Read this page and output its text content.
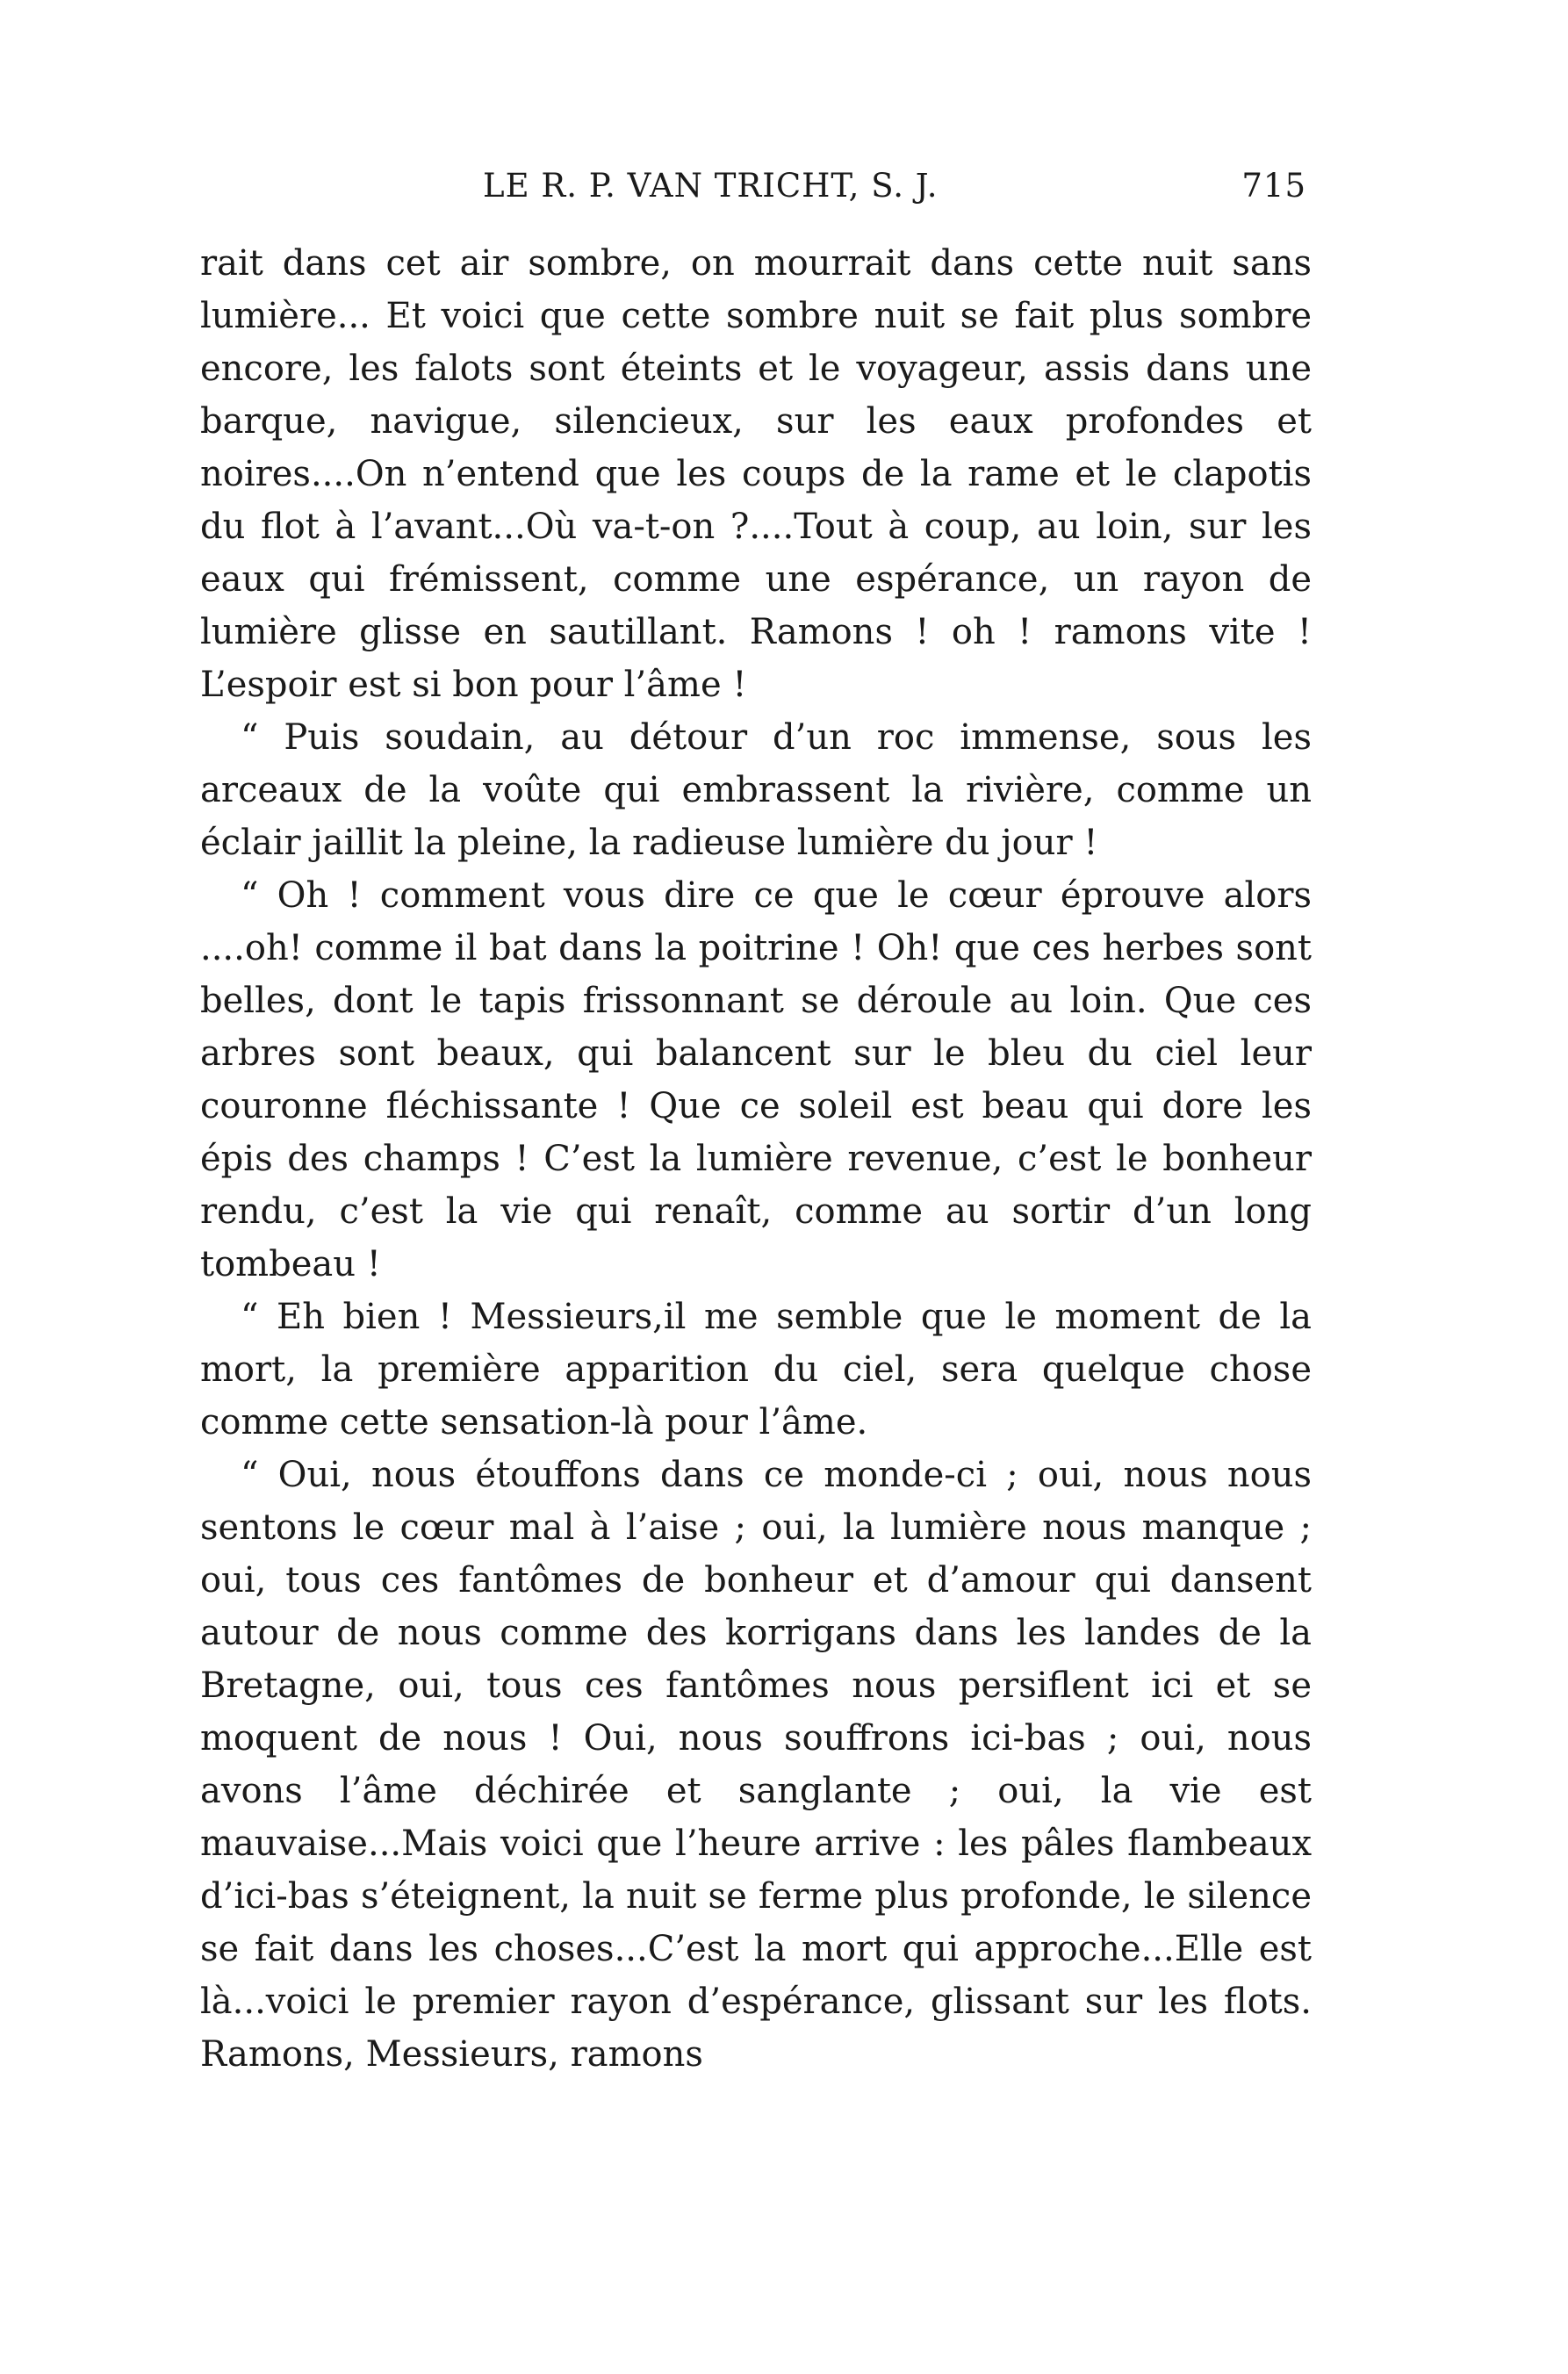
LE R. P. VAN TRICHT, S. J.	715

rait dans cet air sombre, on mourrait dans cette nuit sans lumière... Et voici que cette sombre nuit se fait plus sombre encore, les falots sont éteints et le voyageur, assis dans une barque, navigue, silencieux, sur les eaux profondes et noires....On n’entend que les coups de la rame et le clapotis du flot à l’avant...Où va-t-on ?....Tout à coup, au loin, sur les eaux qui frémissent, comme une espérance, un rayon de lumière glisse en sautillant. Ramons ! oh ! ramons vite ! L’espoir est si bon pour l’âme !

“ Puis soudain, au détour d’un roc immense, sous les arceaux de la voûte qui embrassent la rivière, comme un éclair jaillit la pleine, la radieuse lumière du jour !

“ Oh ! comment vous dire ce que le cœur éprouve alors ....oh! comme il bat dans la poitrine ! Oh! que ces herbes sont belles, dont le tapis frissonnant se déroule au loin. Que ces arbres sont beaux, qui balancent sur le bleu du ciel leur couronne fléchissante ! Que ce soleil est beau qui dore les épis des champs ! C’est la lumière revenue, c’est le bonheur rendu, c’est la vie qui renaît, comme au sortir d’un long tombeau !

“ Eh bien ! Messieurs,il me semble que le moment de la mort, la première apparition du ciel, sera quelque chose comme cette sensation-là pour l’âme.

“ Oui, nous étouffons dans ce monde-ci ; oui, nous nous sentons le cœur mal à l’aise ; oui, la lumière nous manque ; oui, tous ces fantômes de bonheur et d’amour qui dansent autour de nous comme des korrigans dans les landes de la Bretagne, oui, tous ces fantômes nous persiflent ici et se moquent de nous ! Oui, nous souffrons ici-bas ; oui, nous avons l’âme déchirée et sanglante ; oui, la vie est mauvaise...Mais voici que l’heure arrive : les pâles flambeaux d’ici-bas s’éteignent, la nuit se ferme plus profonde, le silence se fait dans les choses...C’est la mort qui approche...Elle est là...voici le premier rayon d’espérance, glissant sur les flots. Ramons, Messieurs, ramons
